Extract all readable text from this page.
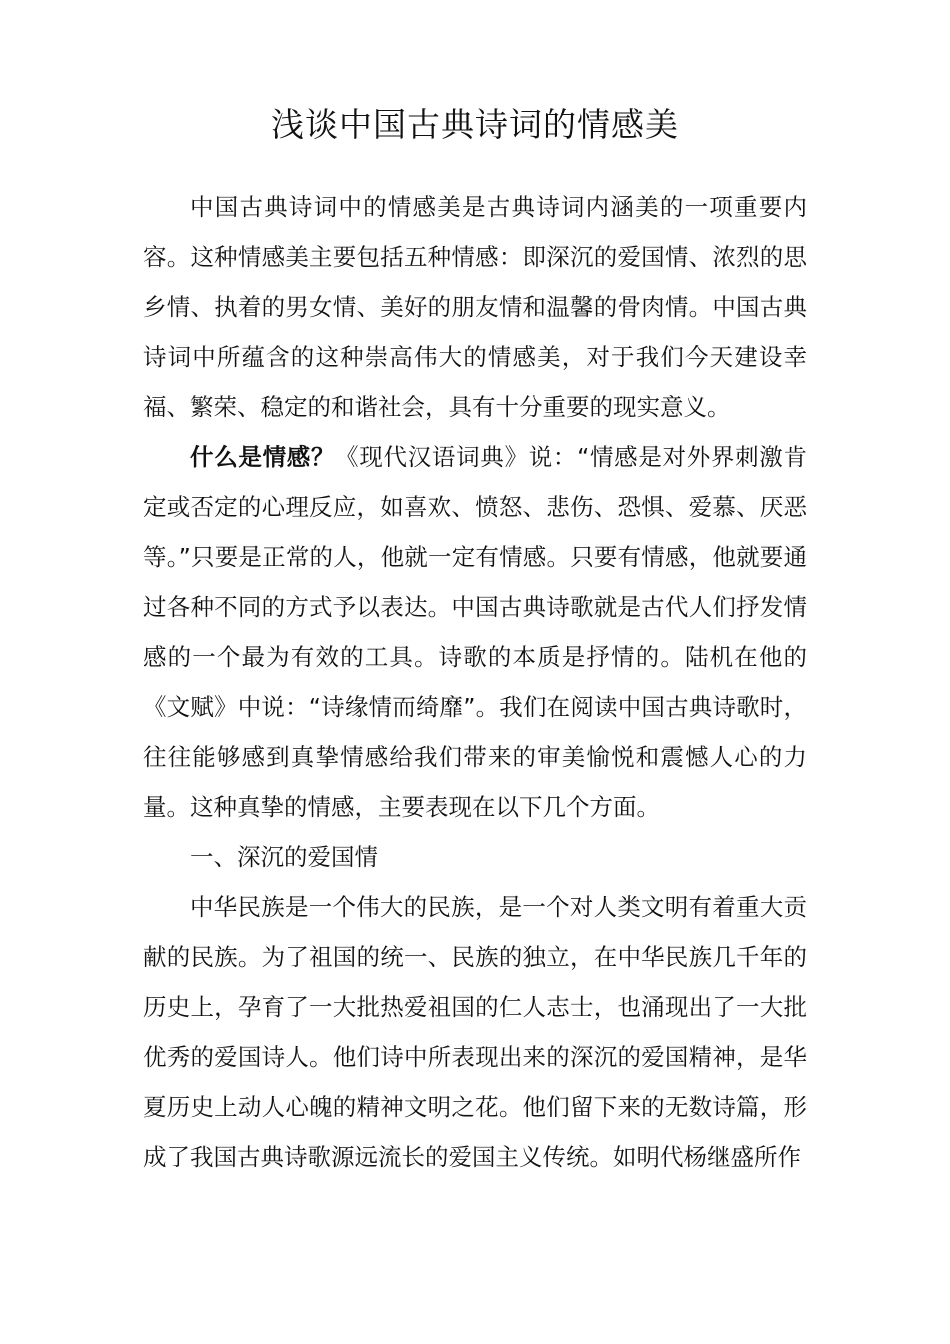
浅谈中国古典诗词的情感美

中国古典诗词中的情感美是古典诗词内涵美的一项重要内容。这种情感美主要包括五种情感：即深沉的爱国情、浓烈的思乡情、执着的男女情、美好的朋友情和温馨的骨肉情。中国古典诗词中所蕴含的这种崇高伟大的情感美，对于我们今天建设幸福、繁荣、稳定的和谐社会，具有十分重要的现实意义。

什么是情感？《现代汉语词典》说：“情感是对外界刺激肯定或否定的心理反应，如喜欢、愤怒、悲伤、恐惧、爱慕、厌恶等。”只要是正常的人，他就一定有情感。只要有情感，他就要通过各种不同的方式予以表达。中国古典诗歌就是古代人们抒发情感的一个最为有效的工具。诗歌的本质是抒情的。陆机在他的《文赋》中说：“诗缘情而绮靡”。我们在阅读中国古典诗歌时，往往能够感到真挚情感给我们带来的审美愉悦和震憾人心的力量。这种真挚的情感，主要表现在以下几个方面。

一、深沉的爱国情

中华民族是一个伟大的民族，是一个对人类文明有着重大贡献的民族。为了祖国的统一、民族的独立，在中华民族几千年的历史上，孕育了一大批热爱祖国的仁人志士，也涌现出了一大批优秀的爱国诗人。他们诗中所表现出来的深沉的爱国精神，是华夏历史上动人心魄的精神文明之花。他们留下来的无数诗篇，形成了我国古典诗歌源远流长的爱国主义传统。如明代杨继盛所作
